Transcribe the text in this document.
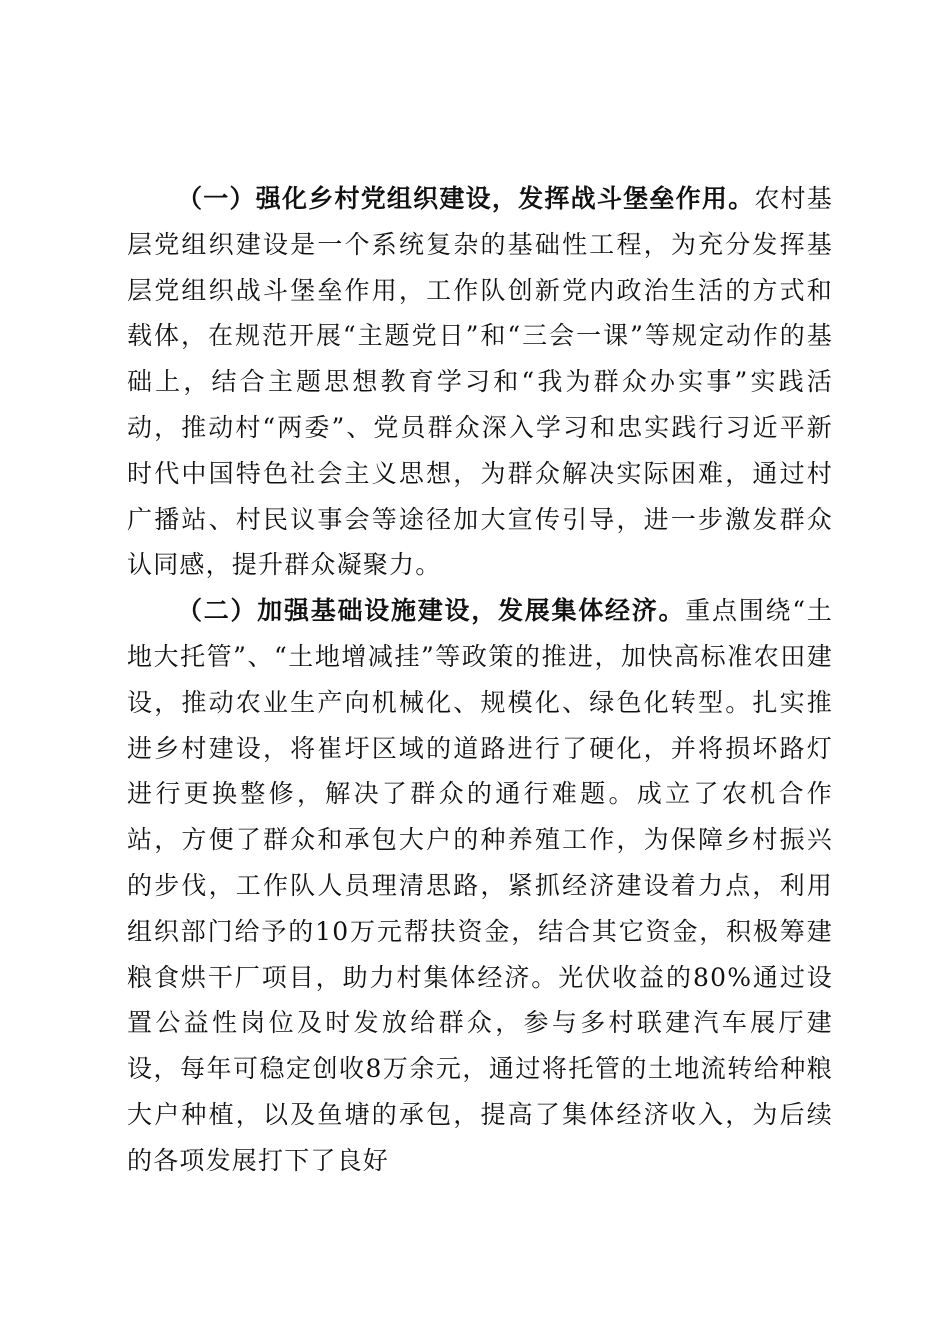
（一）强化乡村党组织建设，发挥战斗堡垒作用。农村基层党组织建设是一个系统复杂的基础性工程，为充分发挥基层党组织战斗堡垒作用，工作队创新党内政治生活的方式和载体，在规范开展“主题党日”和“三会一课”等规定动作的基础上，结合主题思想教育学习和“我为群众办实事”实践活动，推动村“两委”、党员群众深入学习和忠实践行习近平新时代中国特色社会主义思想，为群众解决实际困难，通过村广播站、村民议事会等途径加大宣传引导，进一步激发群众认同感，提升群众凝聚力。

（二）加强基础设施建设，发展集体经济。重点围绕“土地大托管”、“土地增减挂”等政策的推进，加快高标准农田建设，推动农业生产向机械化、规模化、绿色化转型。扎实推进乡村建设，将崔圩区域的道路进行了硬化，并将损坏路灯进行更换整修，解决了群众的通行难题。成立了农机合作站，方便了群众和承包大户的种养殖工作，为保障乡村振兴的步伐，工作队人员理清思路，紧抓经济建设着力点，利用组织部门给予的10万元帮扶资金，结合其它资金，积极筹建粮食烘干厂项目，助力村集体经济。光伏收益的80%通过设置公益性岗位及时发放给群众，参与多村联建汽车展厅建设，每年可稳定创收8万余元，通过将托管的土地流转给种粮大户种植，以及鱼塘的承包，提高了集体经济收入，为后续的各项发展打下了良好
